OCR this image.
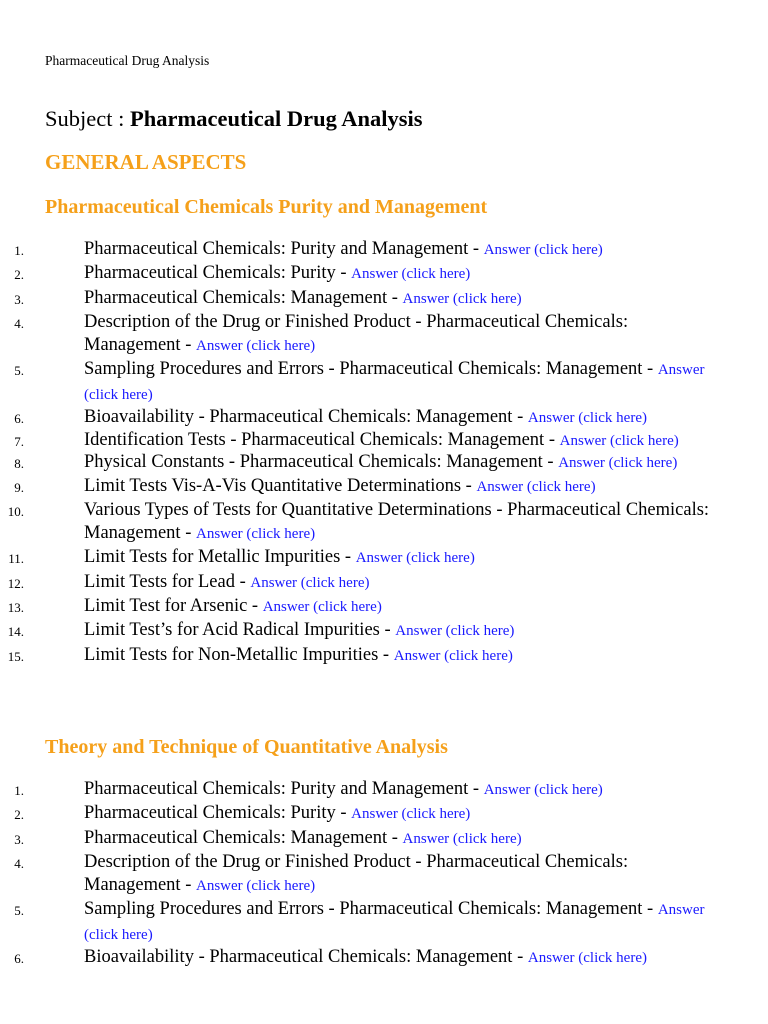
Pharmaceutical Drug Analysis
Subject : Pharmaceutical Drug Analysis
GENERAL ASPECTS
Pharmaceutical Chemicals Purity and Management
1.	Pharmaceutical Chemicals: Purity and Management - Answer (click here)
2.	Pharmaceutical Chemicals: Purity - Answer (click here)
3.	Pharmaceutical Chemicals: Management - Answer (click here)
4.	Description of the Drug or Finished Product - Pharmaceutical Chemicals: Management - Answer (click here)
5.	Sampling Procedures and Errors - Pharmaceutical Chemicals: Management - Answer (click here)
6.	Bioavailability - Pharmaceutical Chemicals: Management - Answer (click here)
7.	Identification Tests - Pharmaceutical Chemicals: Management - Answer (click here)
8.	Physical Constants - Pharmaceutical Chemicals: Management - Answer (click here)
9.	Limit Tests Vis-A-Vis Quantitative Determinations - Answer (click here)
10.	Various Types of Tests for Quantitative Determinations - Pharmaceutical Chemicals: Management - Answer (click here)
11.	Limit Tests for Metallic Impurities - Answer (click here)
12.	Limit Tests for Lead - Answer (click here)
13.	Limit Test for Arsenic - Answer (click here)
14.	Limit Test’s for Acid Radical Impurities - Answer (click here)
15.	Limit Tests for Non-Metallic Impurities - Answer (click here)
Theory and Technique of Quantitative Analysis
1.	Pharmaceutical Chemicals: Purity and Management - Answer (click here)
2.	Pharmaceutical Chemicals: Purity - Answer (click here)
3.	Pharmaceutical Chemicals: Management - Answer (click here)
4.	Description of the Drug or Finished Product - Pharmaceutical Chemicals: Management - Answer (click here)
5.	Sampling Procedures and Errors - Pharmaceutical Chemicals: Management - Answer (click here)
6.	Bioavailability - Pharmaceutical Chemicals: Management - Answer (click here)
